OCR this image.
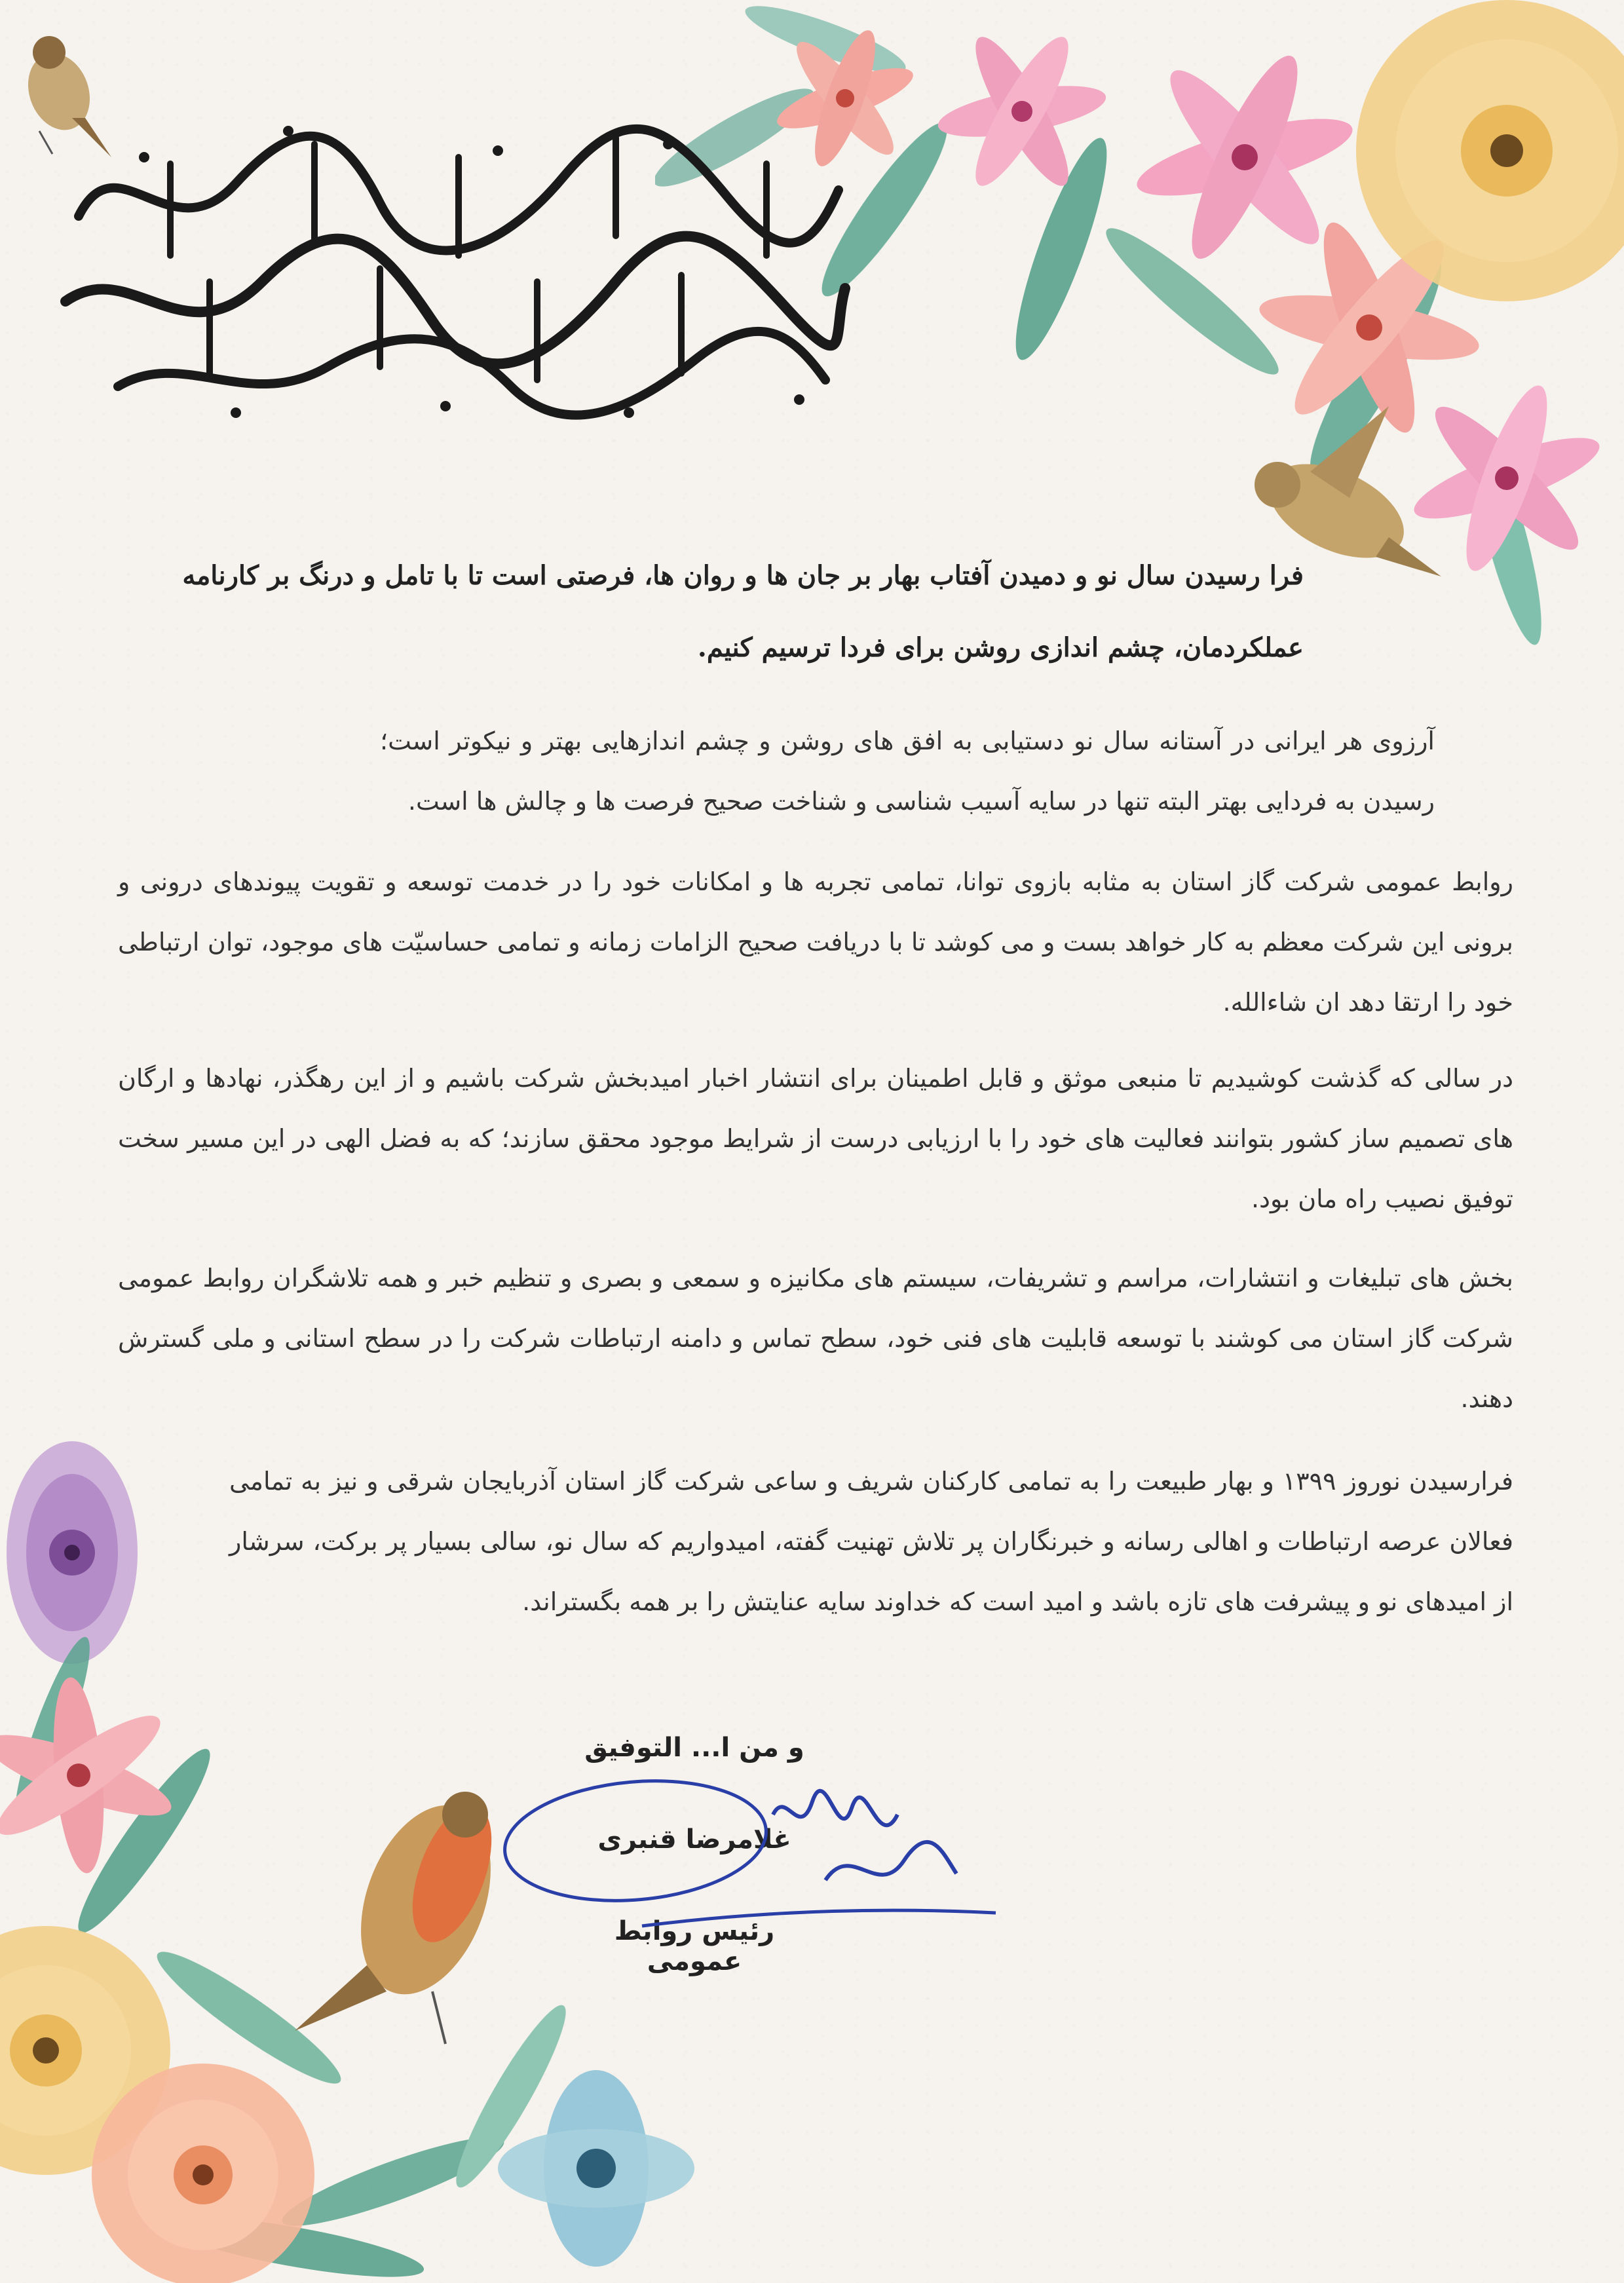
فرا رسیدن سال نو و دمیدن آفتاب بهار بر جان ها و روان ها، فرصتی است تا با تامل و درنگ بر کارنامه
عملکردمان، چشم اندازی روشن برای فردا ترسیم کنیم.
آرزوی هر ایرانی در آستانه سال نو دستیابی به افق های روشن و چشم اندازهایی بهتر و نیکوتر است؛ رسیدن به فردایی بهتر البته تنها در سایه آسیب شناسی و شناخت صحیح فرصت ها و چالش ها است.
روابط عمومی شرکت گاز استان به مثابه بازوی توانا، تمامی تجربه ها و امکانات خود را در خدمت توسعه و تقویت پیوندهای درونی و برونی این شرکت معظم به کار خواهد بست و می کوشد تا با دریافت صحیح الزامات زمانه و تمامی حساسیّت های موجود، توان ارتباطی خود را ارتقا دهد ان شاءالله.
در سالی که گذشت کوشیدیم تا منبعی موثق و قابل اطمینان برای انتشار اخبار امیدبخش شرکت باشیم و از این رهگذر، نهادها و ارگان های تصمیم ساز کشور بتوانند فعالیت های خود را با ارزیابی درست از شرایط موجود محقق سازند؛ که به فضل الهی در این مسیر سخت توفیق نصیب راه مان بود.
بخش های تبلیغات و انتشارات، مراسم و تشریفات، سیستم های مکانیزه و سمعی و بصری و تنظیم خبر و همه تلاشگران روابط عمومی شرکت گاز استان می کوشند با توسعه قابلیت های فنی خود، سطح تماس و دامنه ارتباطات شرکت را در سطح استانی و ملی گسترش دهند.
فرارسیدن نوروز ۱۳۹۹ و بهار طبیعت را به تمامی کارکنان شریف و ساعی شرکت گاز استان آذربایجان شرقی و نیز به تمامی فعالان عرصه ارتباطات و اهالی رسانه و خبرنگاران پر تلاش تهنیت گفته، امیدواریم که سال نو، سالی بسیار پر برکت، سرشار از امیدهای نو و پیشرفت های تازه باشد و امید است که خداوند سایه عنایتش را بر همه بگستراند.
و من ا... التوفیق
غلامرضا قنبری
رئیس روابط عمومی
